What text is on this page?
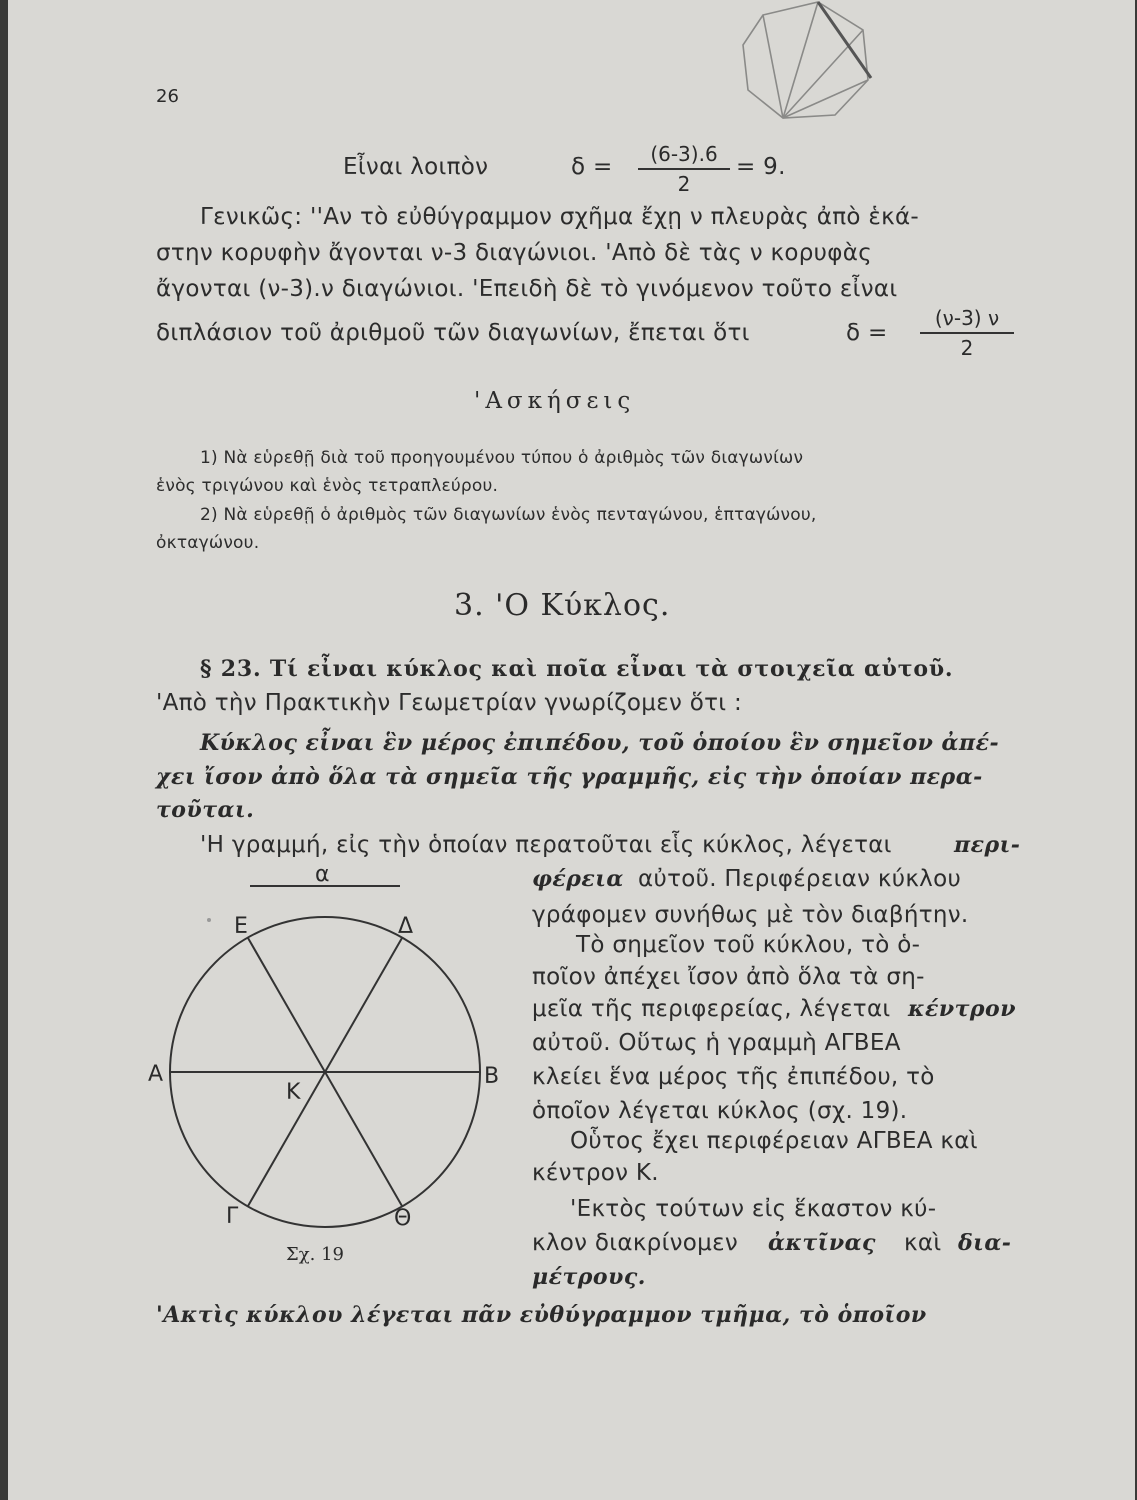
26
Εἶναι λοιπὸν	δ =	(6-3).6
2
= 9.
Γενικῶς: ''Αν τὸ εὐθύγραμμον σχῆμα ἔχῃ ν πλευρὰς ἀπὸ ἑκά-
στην κορυφὴν ἄγονται ν-3 διαγώνιοι. 'Απὸ δὲ τὰς ν κορυφὰς
ἄγονται (ν-3).ν διαγώνιοι. 'Επειδὴ δὲ τὸ γινόμενον τοῦτο εἶναι
διπλάσιον τοῦ ἀριθμοῦ τῶν διαγωνίων, ἔπεται ὅτι	δ =
(ν-3) ν
2
'Ασκήσεις
1) Νὰ εὑρεθῇ διὰ τοῦ προηγουμένου τύπου ὁ ἀριθμὸς τῶν διαγωνίων
ἑνὸς τριγώνου καὶ ἑνὸς τετραπλεύρου.
2) Νὰ εὑρεθῇ ὁ ἀριθμὸς τῶν διαγωνίων ἑνὸς πενταγώνου, ἑπταγώνου,
ὀκταγώνου.
3. 'Ο Κύκλος.
§ 23. Τί εἶναι κύκλος καὶ ποῖα εἶναι τὰ στοιχεῖα αὐτοῦ.
'Απὸ τὴν Πρακτικὴν Γεωμετρίαν γνωρίζομεν ὅτι :
Κύκλος εἶναι ἓν μέρος ἐπιπέδου, τοῦ ὁποίου ἓν σημεῖον ἀπέ-
χει ἴσον ἀπὸ ὅλα τὰ σημεῖα τῆς γραμμῆς, εἰς τὴν ὁποίαν περα-
τοῦται.
'Η γραμμή, εἰς τὴν ὁποίαν περατοῦται εἷς κύκλος, λέγεται	περι-
φέρεια αὐτοῦ. Περιφέρειαν κύκλου
γράφομεν συνήθως μὲ τὸν διαβήτην.
Τὸ σημεῖον τοῦ κύκλου, τὸ ὁ-
ποῖον ἀπέχει ἴσον ἀπὸ ὅλα τὰ ση-
μεῖα τῆς περιφερείας, λέγεται κέντρον
αὐτοῦ. Οὕτως ἡ γραμμὴ ΑΓΒΕΑ
κλείει ἕνα μέρος τῆς ἐπιπέδου, τὸ
ὁποῖον λέγεται κύκλος (σχ. 19).
Οὗτος ἔχει περιφέρειαν ΑΓΒΕΑ καὶ
κέντρον Κ.
'Εκτὸς τούτων εἰς ἕκαστον κύ-
κλον διακρίνομεν ἀκτῖνας καὶ δια-
μέτρους.
'Ακτὶς κύκλου λέγεται πᾶν εὐθύγραμμον τμῆμα, τὸ ὁποῖον
α
Ε	Δ
Α	Β
Κ
Γ	Θ
Σχ. 19
